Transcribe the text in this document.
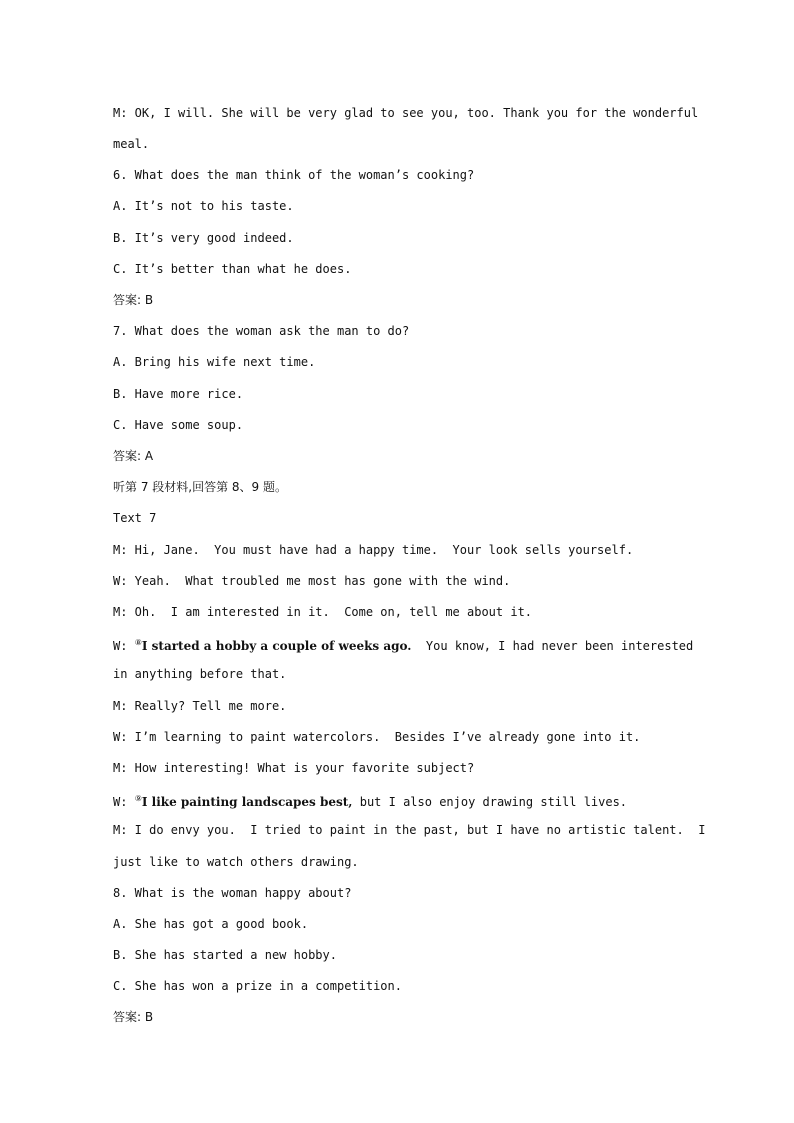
M: OK, I will. She will be very glad to see you, too. Thank you for the wonderful
meal.
6. What does the man think of the woman’s cooking?
A. It’s not to his taste.
B. It’s very good indeed.
C. It’s better than what he does.
答案: B
7. What does the woman ask the man to do?
A. Bring his wife next time.
B. Have more rice.
C. Have some soup.
答案: A
听第 7 段材料,回答第 8、9 题。
Text 7
M: Hi, Jane.  You must have had a happy time.  Your look sells yourself.
W: Yeah.  What troubled me most has gone with the wind.
M: Oh.  I am interested in it.  Come on, tell me about it.
W: ⑧I started a hobby a couple of weeks ago.  You know, I had never been interested
in anything before that.
M: Really? Tell me more.
W: I’m learning to paint watercolors.  Besides I’ve already gone into it.
M: How interesting! What is your favorite subject?
W: ⑨I like painting landscapes best, but I also enjoy drawing still lives.
M: I do envy you.  I tried to paint in the past, but I have no artistic talent.  I
just like to watch others drawing.
8. What is the woman happy about?
A. She has got a good book.
B. She has started a new hobby.
C. She has won a prize in a competition.
答案: B
